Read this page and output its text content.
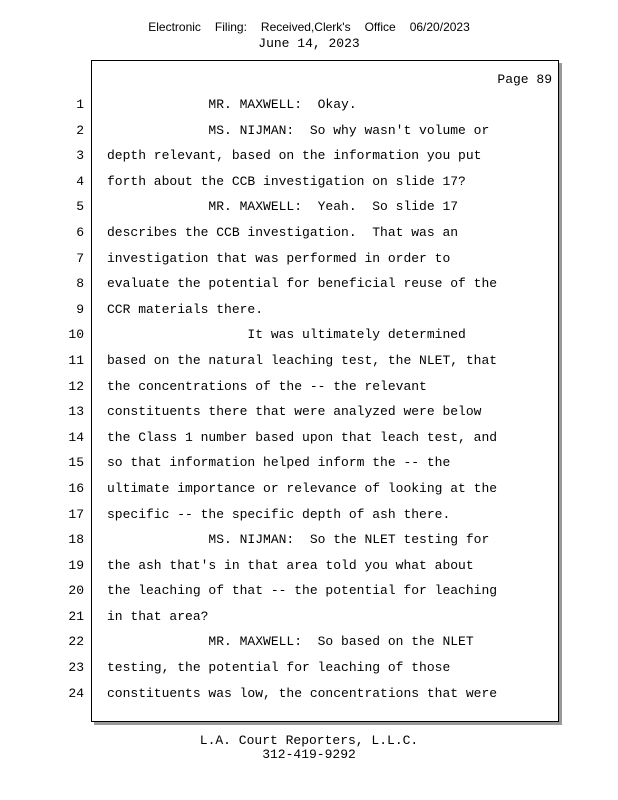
Electronic Filing: Received,Clerk's Office 06/20/2023
June 14, 2023
Page 89
1
2
3
4
5
6
7
8
9
10
11
12
13
14
15
16
17
18
19
20
21
22
23
24
MR. MAXWELL:  Okay.
MS. NIJMAN:  So why wasn't volume or
depth relevant, based on the information you put
forth about the CCB investigation on slide 17?
MR. MAXWELL:  Yeah.  So slide 17
describes the CCB investigation.  That was an
investigation that was performed in order to
evaluate the potential for beneficial reuse of the
CCR materials there.
It was ultimately determined
based on the natural leaching test, the NLET, that
the concentrations of the -- the relevant
constituents there that were analyzed were below
the Class 1 number based upon that leach test, and
so that information helped inform the -- the
ultimate importance or relevance of looking at the
specific -- the specific depth of ash there.
MS. NIJMAN:  So the NLET testing for
the ash that's in that area told you what about
the leaching of that -- the potential for leaching
in that area?
MR. MAXWELL:  So based on the NLET
testing, the potential for leaching of those
constituents was low, the concentrations that were
L.A. Court Reporters, L.L.C.
312-419-9292
